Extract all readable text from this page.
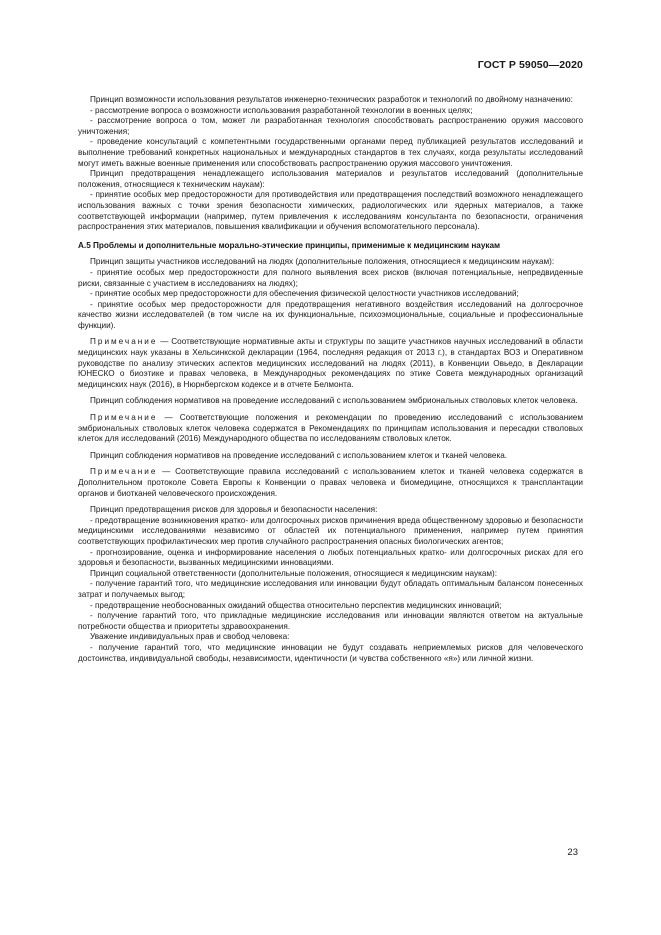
ГОСТ Р 59050—2020

Принцип возможности использования результатов инженерно-технических разработок и технологий по двойному назначению:

- рассмотрение вопроса о возможности использования разработанной технологии в военных целях;

- рассмотрение вопроса о том, может ли разработанная технология способствовать распространению оружия массового уничтожения;

- проведение консультаций с компетентными государственными органами перед публикацией результатов исследований и выполнение требований конкретных национальных и международных стандартов в тех случаях, когда результаты исследований могут иметь важные военные применения или способствовать распространению оружия массового уничтожения.

Принцип предотвращения ненадлежащего использования материалов и результатов исследований (дополнительные положения, относящиеся к техническим наукам):

- принятие особых мер предосторожности для противодействия или предотвращения последствий возможного ненадлежащего использования важных с точки зрения безопасности химических, радиологических или ядерных материалов, а также соответствующей информации (например, путем привлечения к исследованиям консультанта по безопасности, ограничения распространения этих материалов, повышения квалификации и обучения вспомогательного персонала).

А.5 Проблемы и дополнительные морально-этические принципы, применимые к медицинским наукам

Принцип защиты участников исследований на людях (дополнительные положения, относящиеся к медицинским наукам):

- принятие особых мер предосторожности для полного выявления всех рисков (включая потенциальные, непредвиденные риски, связанные с участием в исследованиях на людях);

- принятие особых мер предосторожности для обеспечения физической целостности участников исследований;

- принятие особых мер предосторожности для предотвращения негативного воздействия исследований на долгосрочное качество жизни исследователей (в том числе на их функциональные, психоэмоциональные, социальные и профессиональные функции).

Примечание — Соответствующие нормативные акты и структуры по защите участников научных исследований в области медицинских наук указаны в Хельсинкской декларации (1964, последняя редакция от 2013 г.), в стандартах ВОЗ и Оперативном руководстве по анализу этических аспектов медицинских исследований на людях (2011), в Конвенции Овьедо, в Декларации ЮНЕСКО о биоэтике и правах человека, в Международных рекомендациях по этике Совета международных организаций медицинских наук (2016), в Нюрнбергском кодексе и в отчете Белмонта.

Принцип соблюдения нормативов на проведение исследований с использованием эмбриональных стволовых клеток человека.

Примечание — Соответствующие положения и рекомендации по проведению исследований с использованием эмбриональных стволовых клеток человека содержатся в Рекомендациях по принципам использования и пересадки стволовых клеток для исследований (2016) Международного общества по исследованиям стволовых клеток.

Принцип соблюдения нормативов на проведение исследований с использованием клеток и тканей человека.

Примечание — Соответствующие правила исследований с использованием клеток и тканей человека содержатся в Дополнительном протоколе Совета Европы к Конвенции о правах человека и биомедицине, относящихся к трансплантации органов и биотканей человеческого происхождения.

Принцип предотвращения рисков для здоровья и безопасности населения:

- предотвращение возникновения кратко- или долгосрочных рисков причинения вреда общественному здоровью и безопасности медицинскими исследованиями независимо от областей их потенциального применения, например путем принятия соответствующих профилактических мер против случайного распространения опасных биологических агентов;

- прогнозирование, оценка и информирование населения о любых потенциальных кратко- или долгосрочных рисках для его здоровья и безопасности, вызванных медицинскими инновациями.

Принцип социальной ответственности (дополнительные положения, относящиеся к медицинским наукам):

- получение гарантий того, что медицинские исследования или инновации будут обладать оптимальным балансом понесенных затрат и получаемых выгод;

- предотвращение необоснованных ожиданий общества относительно перспектив медицинских инноваций;

- получение гарантий того, что прикладные медицинские исследования или инновации являются ответом на актуальные потребности общества и приоритеты здравоохранения.

Уважение индивидуальных прав и свобод человека:

- получение гарантий того, что медицинские инновации не будут создавать неприемлемых рисков для человеческого достоинства, индивидуальной свободы, независимости, идентичности (и чувства собственного «я») или личной жизни.

23
